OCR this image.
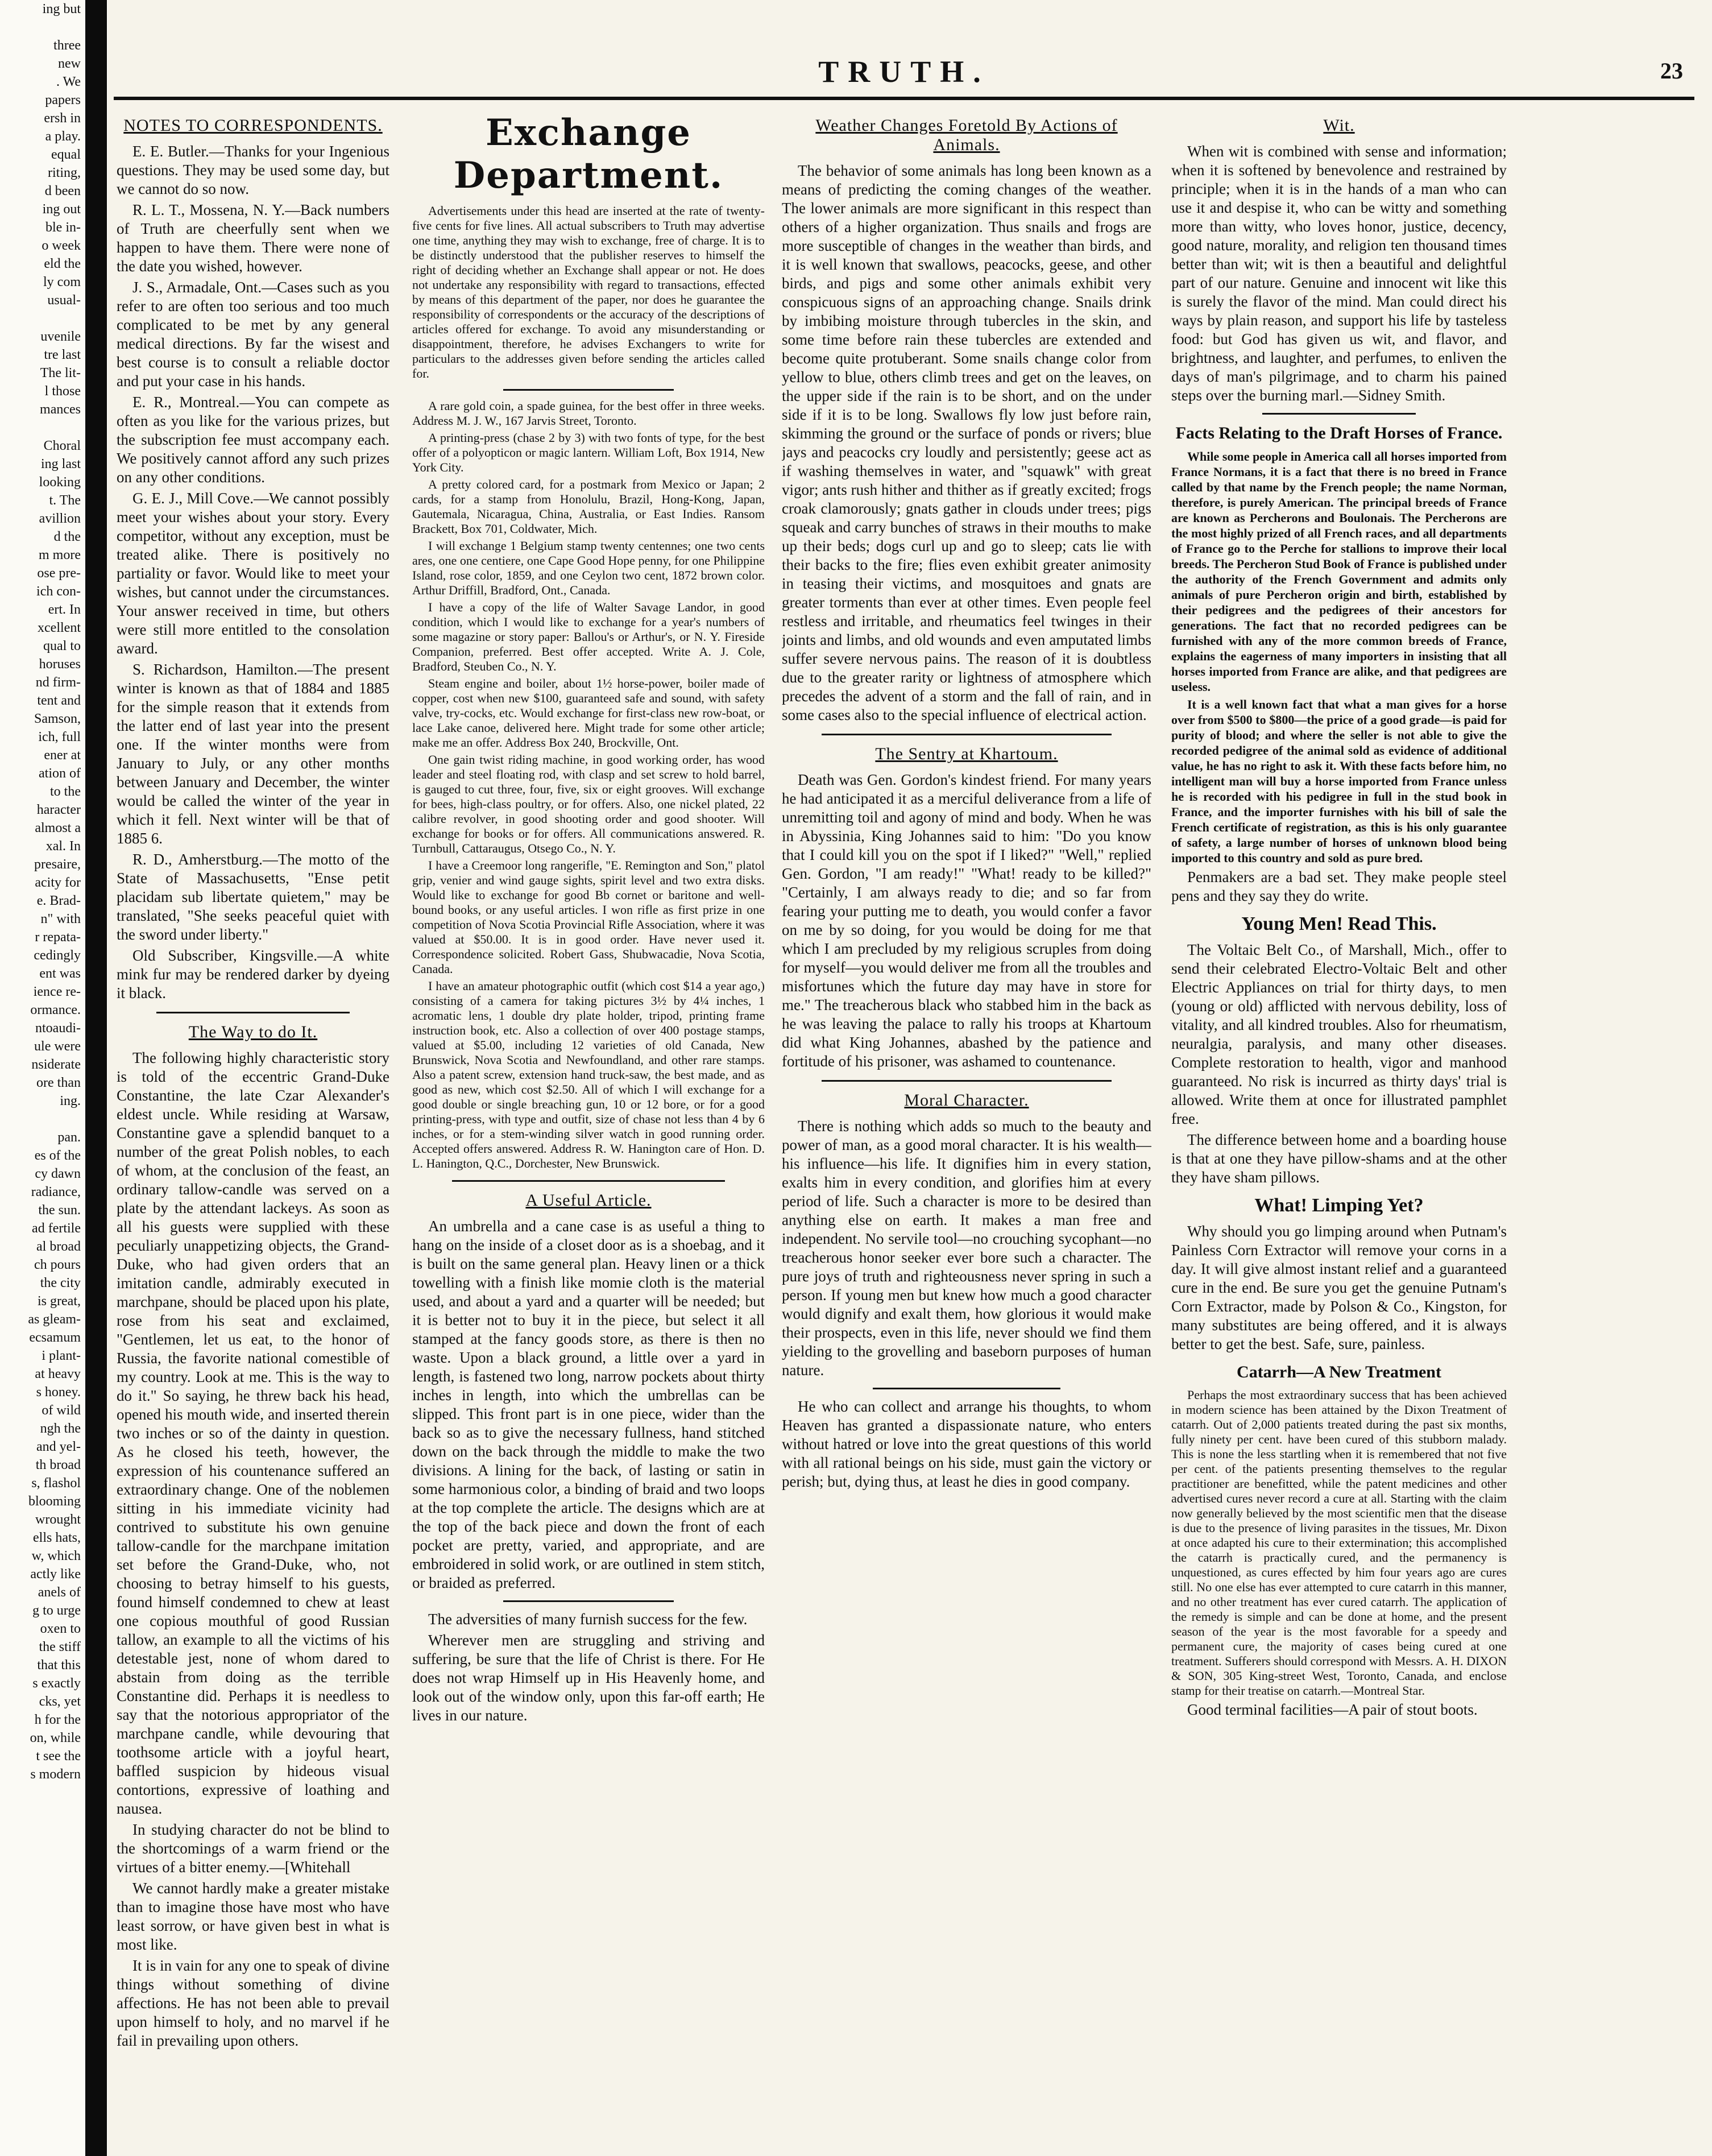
ing but

three
new
. We
papers
ersh in
a play.
equal
riting,
d been
ing out
ble in-
o week
eld the
ly com
usual-

uvenile
tre last
The lit-
l those
mances

Choral
ing last
looking
t. The
avillion
d the
m more
ose pre-
ich con-
ert. In
xcellent
qual to
horuses
nd firm-
tent and
Samson,
ich, full
ener at
ation of
to the
haracter
almost a
xal. In
presaire,
acity for
e. Brad-
n" with
r repata-
cedingly
ent was
ience re-
ormance.
ntoaudi-
ule were
nsiderate
ore than
ing.

pan.
es of the
cy dawn
radiance,
the sun.
ad fertile
al broad
ch pours
the city
is great,
as gleam-
ecsamum
i plant-
at heavy
s honey.
of wild
ngh the
and yel-
th broad
s, flashol
blooming
wrought
ells hats,
w, which
actly like
anels of
g to urge
oxen to
the stiff
that this
s exactly
cks, yet
h for the
on, while
t see the
s modern
TRUTH.	23
NOTES TO CORRESPONDENTS.

E. E. Butler.—Thanks for your Ingenious questions. They may be used some day, but we cannot do so now.

R. L. T., Mossena, N. Y.—Back numbers of Truth are cheerfully sent when we happen to have them. There were none of the date you wished, however.

J. S., Armadale, Ont.—Cases such as you refer to are often too serious and too much complicated to be met by any general medical directions. By far the wisest and best course is to consult a reliable doctor and put your case in his hands.

E. R., Montreal.—You can compete as often as you like for the various prizes, but the subscription fee must accompany each. We positively cannot afford any such prizes on any other conditions.

G. E. J., Mill Cove.—We cannot possibly meet your wishes about your story. Every competitor, without any exception, must be treated alike. There is positively no partiality or favor. Would like to meet your wishes, but cannot under the circumstances. Your answer received in time, but others were still more entitled to the consolation award.

S. Richardson, Hamilton.—The present winter is known as that of 1884 and 1885 for the simple reason that it extends from the latter end of last year into the present one. If the winter months were from January to July, or any other months between January and December, the winter would be called the winter of the year in which it fell. Next winter will be that of 1885 6.

R. D., Amherstburg.—The motto of the State of Massachusetts, "Ense petit placidam sub libertate quietem," may be translated, "She seeks peaceful quiet with the sword under liberty."

Old Subscriber, Kingsville.—A white mink fur may be rendered darker by dyeing it black.

The Way to do It.

The following highly characteristic story is told of the eccentric Grand-Duke Constantine, the late Czar Alexander's eldest uncle. While residing at Warsaw, Constantine gave a splendid banquet to a number of the great Polish nobles, to each of whom, at the conclusion of the feast, an ordinary tallow-candle was served on a plate by the attendant lackeys. As soon as all his guests were supplied with these peculiarly unappetizing objects, the Grand-Duke, who had given orders that an imitation candle, admirably executed in marchpane, should be placed upon his plate, rose from his seat and exclaimed, "Gentlemen, let us eat, to the honor of Russia, the favorite national comestible of my country. Look at me. This is the way to do it." So saying, he threw back his head, opened his mouth wide, and inserted therein two inches or so of the dainty in question. As he closed his teeth, however, the expression of his countenance suffered an extraordinary change. One of the noblemen sitting in his immediate vicinity had contrived to substitute his own genuine tallow-candle for the marchpane imitation set before the Grand-Duke, who, not choosing to betray himself to his guests, found himself condemned to chew at least one copious mouthful of good Russian tallow, an example to all the victims of his detestable jest, none of whom dared to abstain from doing as the terrible Constantine did. Perhaps it is needless to say that the notorious appropriator of the marchpane candle, while devouring that toothsome article with a joyful heart, baffled suspicion by hideous visual contortions, expressive of loathing and nausea.

In studying character do not be blind to the shortcomings of a warm friend or the virtues of a bitter enemy.—[Whitehall

We cannot hardly make a greater mistake than to imagine those have most who have least sorrow, or have given best in what is most like.

It is in vain for any one to speak of divine things without something of divine affections. He has not been able to prevail upon himself to holy, and no marvel if he fail in prevailing upon others.

Exchange Department.

Advertisements under this head are inserted at the rate of twenty-five cents for five lines. All actual subscribers to Truth may advertise one time, anything they may wish to exchange, free of charge. It is to be distinctly understood that the publisher reserves to himself the right of deciding whether an Exchange shall appear or not. He does not undertake any responsibility with regard to transactions, effected by means of this department of the paper, nor does he guarantee the responsibility of correspondents or the accuracy of the descriptions of articles offered for exchange. To avoid any misunderstanding or disappointment, therefore, he advises Exchangers to write for particulars to the addresses given before sending the articles called for.

A rare gold coin, a spade guinea, for the best offer in three weeks. Address M. J. W., 167 Jarvis Street, Toronto.

A printing-press (chase 2 by 3) with two fonts of type, for the best offer of a polyopticon or magic lantern. William Loft, Box 1914, New York City.

A pretty colored card, for a postmark from Mexico or Japan; 2 cards, for a stamp from Honolulu, Brazil, Hong-Kong, Japan, Gautemala, Nicaragua, China, Australia, or East Indies. Ransom Brackett, Box 701, Coldwater, Mich.

I will exchange 1 Belgium stamp twenty centennes; one two cents ares, one one centiere, one Cape Good Hope penny, for one Philippine Island, rose color, 1859, and one Ceylon two cent, 1872 brown color. Arthur Driffill, Bradford, Ont., Canada.

I have a copy of the life of Walter Savage Landor, in good condition, which I would like to exchange for a year's numbers of some magazine or story paper: Ballou's or Arthur's, or N. Y. Fireside Companion, preferred. Best offer accepted. Write A. J. Cole, Bradford, Steuben Co., N. Y.

Steam engine and boiler, about 1½ horse-power, boiler made of copper, cost when new $100, guaranteed safe and sound, with safety valve, try-cocks, etc. Would exchange for first-class new row-boat, or lace Lake canoe, delivered here. Might trade for some other article; make me an offer. Address Box 240, Brockville, Ont.

One gain twist riding machine, in good working order, has wood leader and steel floating rod, with clasp and set screw to hold barrel, is gauged to cut three, four, five, six or eight grooves. Will exchange for bees, high-class poultry, or for offers. Also, one nickel plated, 22 calibre revolver, in good shooting order and good shooter. Will exchange for books or for offers. All communications answered. R. Turnbull, Cattaraugus, Otsego Co., N. Y.

I have a Creemoor long rangerifle, "E. Remington and Son," platol grip, venier and wind gauge sights, spirit level and two extra disks. Would like to exchange for good Bb cornet or baritone and well-bound books, or any useful articles. I won rifle as first prize in one competition of Nova Scotia Provincial Rifle Association, where it was valued at $50.00. It is in good order. Have never used it. Correspondence solicited. Robert Gass, Shubwacadie, Nova Scotia, Canada.

I have an amateur photographic outfit (which cost $14 a year ago,) consisting of a camera for taking pictures 3½ by 4¼ inches, 1 acromatic lens, 1 double dry plate holder, tripod, printing frame instruction book, etc. Also a collection of over 400 postage stamps, valued at $5.00, including 12 varieties of old Canada, New Brunswick, Nova Scotia and Newfoundland, and other rare stamps. Also a patent screw, extension hand truck-saw, the best made, and as good as new, which cost $2.50. All of which I will exchange for a good double or single breaching gun, 10 or 12 bore, or for a good printing-press, with type and outfit, size of chase not less than 4 by 6 inches, or for a stem-winding silver watch in good running order. Accepted offers answered. Address R. W. Hanington care of Hon. D. L. Hanington, Q.C., Dorchester, New Brunswick.

A Useful Article.

An umbrella and a cane case is as useful a thing to hang on the inside of a closet door as is a shoebag, and it is built on the same general plan. Heavy linen or a thick towelling with a finish like momie cloth is the material used, and about a yard and a quarter will be needed; but it is better not to buy it in the piece, but select it all stamped at the fancy goods store, as there is then no waste. Upon a black ground, a little over a yard in length, is fastened two long, narrow pockets about thirty inches in length, into which the umbrellas can be slipped. This front part is in one piece, wider than the back so as to give the necessary fullness, hand stitched down on the back through the middle to make the two divisions. A lining for the back, of lasting or satin in some harmonious color, a binding of braid and two loops at the top complete the article. The designs which are at the top of the back piece and down the front of each pocket are pretty, varied, and appropriate, and are embroidered in solid work, or are outlined in stem stitch, or braided as preferred.

The adversities of many furnish success for the few.

Wherever men are struggling and striving and suffering, be sure that the life of Christ is there. For He does not wrap Himself up in His Heavenly home, and look out of the window only, upon this far-off earth; He lives in our nature.

Weather Changes Foretold By Actions of Animals.

The behavior of some animals has long been known as a means of predicting the coming changes of the weather. The lower animals are more significant in this respect than others of a higher organization. Thus snails and frogs are more susceptible of changes in the weather than birds, and it is well known that swallows, peacocks, geese, and other birds, and pigs and some other animals exhibit very conspicuous signs of an approaching change. Snails drink by imbibing moisture through tubercles in the skin, and some time before rain these tubercles are extended and become quite protuberant. Some snails change color from yellow to blue, others climb trees and get on the leaves, on the upper side if the rain is to be short, and on the under side if it is to be long. Swallows fly low just before rain, skimming the ground or the surface of ponds or rivers; blue jays and peacocks cry loudly and persistently; geese act as if washing themselves in water, and "squawk" with great vigor; ants rush hither and thither as if greatly excited; frogs croak clamorously; gnats gather in clouds under trees; pigs squeak and carry bunches of straws in their mouths to make up their beds; dogs curl up and go to sleep; cats lie with their backs to the fire; flies even exhibit greater animosity in teasing their victims, and mosquitoes and gnats are greater torments than ever at other times. Even people feel restless and irritable, and rheumatics feel twinges in their joints and limbs, and old wounds and even amputated limbs suffer severe nervous pains. The reason of it is doubtless due to the greater rarity or lightness of atmosphere which precedes the advent of a storm and the fall of rain, and in some cases also to the special influence of electrical action.

The Sentry at Khartoum.

Death was Gen. Gordon's kindest friend. For many years he had anticipated it as a merciful deliverance from a life of unremitting toil and agony of mind and body. When he was in Abyssinia, King Johannes said to him: "Do you know that I could kill you on the spot if I liked?" "Well," replied Gen. Gordon, "I am ready!" "What! ready to be killed?" "Certainly, I am always ready to die; and so far from fearing your putting me to death, you would confer a favor on me by so doing, for you would be doing for me that which I am precluded by my religious scruples from doing for myself—you would deliver me from all the troubles and misfortunes which the future day may have in store for me." The treacherous black who stabbed him in the back as he was leaving the palace to rally his troops at Khartoum did what King Johannes, abashed by the patience and fortitude of his prisoner, was ashamed to countenance.

Moral Character.

There is nothing which adds so much to the beauty and power of man, as a good moral character. It is his wealth—his influence—his life. It dignifies him in every station, exalts him in every condition, and glorifies him at every period of life. Such a character is more to be desired than anything else on earth. It makes a man free and independent. No servile tool—no crouching sycophant—no treacherous honor seeker ever bore such a character. The pure joys of truth and righteousness never spring in such a person. If young men but knew how much a good character would dignify and exalt them, how glorious it would make their prospects, even in this life, never should we find them yielding to the grovelling and baseborn purposes of human nature.

He who can collect and arrange his thoughts, to whom Heaven has granted a dispassionate nature, who enters without hatred or love into the great questions of this world with all rational beings on his side, must gain the victory or perish; but, dying thus, at least he dies in good company.

Wit.

When wit is combined with sense and information; when it is softened by benevolence and restrained by principle; when it is in the hands of a man who can use it and despise it, who can be witty and something more than witty, who loves honor, justice, decency, good nature, morality, and religion ten thousand times better than wit; wit is then a beautiful and delightful part of our nature. Genuine and innocent wit like this is surely the flavor of the mind. Man could direct his ways by plain reason, and support his life by tasteless food: but God has given us wit, and flavor, and brightness, and laughter, and perfumes, to enliven the days of man's pilgrimage, and to charm his pained steps over the burning marl.—Sidney Smith.

Facts Relating to the Draft Horses of France.

While some people in America call all horses imported from France Normans, it is a fact that there is no breed in France called by that name by the French people; the name Norman, therefore, is purely American. The principal breeds of France are known as Percherons and Boulonais. The Percherons are the most highly prized of all French races, and all departments of France go to the Perche for stallions to improve their local breeds. The Percheron Stud Book of France is published under the authority of the French Government and admits only animals of pure Percheron origin and birth, established by their pedigrees and the pedigrees of their ancestors for generations. The fact that no recorded pedigrees can be furnished with any of the more common breeds of France, explains the eagerness of many importers in insisting that all horses imported from France are alike, and that pedigrees are useless.

It is a well known fact that what a man gives for a horse over from $500 to $800—the price of a good grade—is paid for purity of blood; and where the seller is not able to give the recorded pedigree of the animal sold as evidence of additional value, he has no right to ask it. With these facts before him, no intelligent man will buy a horse imported from France unless he is recorded with his pedigree in full in the stud book in France, and the importer furnishes with his bill of sale the French certificate of registration, as this is his only guarantee of safety, a large number of horses of unknown blood being imported to this country and sold as pure bred.

Penmakers are a bad set. They make people steel pens and they say they do write.

Young Men! Read This.

The Voltaic Belt Co., of Marshall, Mich., offer to send their celebrated Electro-Voltaic Belt and other Electric Appliances on trial for thirty days, to men (young or old) afflicted with nervous debility, loss of vitality, and all kindred troubles. Also for rheumatism, neuralgia, paralysis, and many other diseases. Complete restoration to health, vigor and manhood guaranteed. No risk is incurred as thirty days' trial is allowed. Write them at once for illustrated pamphlet free.

The difference between home and a boarding house is that at one they have pillow-shams and at the other they have sham pillows.

What! Limping Yet?

Why should you go limping around when Putnam's Painless Corn Extractor will remove your corns in a day. It will give almost instant relief and a guaranteed cure in the end. Be sure you get the genuine Putnam's Corn Extractor, made by Polson & Co., Kingston, for many substitutes are being offered, and it is always better to get the best. Safe, sure, painless.

Catarrh—A New Treatment

Perhaps the most extraordinary success that has been achieved in modern science has been attained by the Dixon Treatment of catarrh. Out of 2,000 patients treated during the past six months, fully ninety per cent. have been cured of this stubborn malady. This is none the less startling when it is remembered that not five per cent. of the patients presenting themselves to the regular practitioner are benefitted, while the patent medicines and other advertised cures never record a cure at all. Starting with the claim now generally believed by the most scientific men that the disease is due to the presence of living parasites in the tissues, Mr. Dixon at once adapted his cure to their extermination; this accomplished the catarrh is practically cured, and the permanency is unquestioned, as cures effected by him four years ago are cures still. No one else has ever attempted to cure catarrh in this manner, and no other treatment has ever cured catarrh. The application of the remedy is simple and can be done at home, and the present season of the year is the most favorable for a speedy and permanent cure, the majority of cases being cured at one treatment. Sufferers should correspond with Messrs. A. H. DIXON & SON, 305 King-street West, Toronto, Canada, and enclose stamp for their treatise on catarrh.—Montreal Star.

Good terminal facilities—A pair of stout boots.
